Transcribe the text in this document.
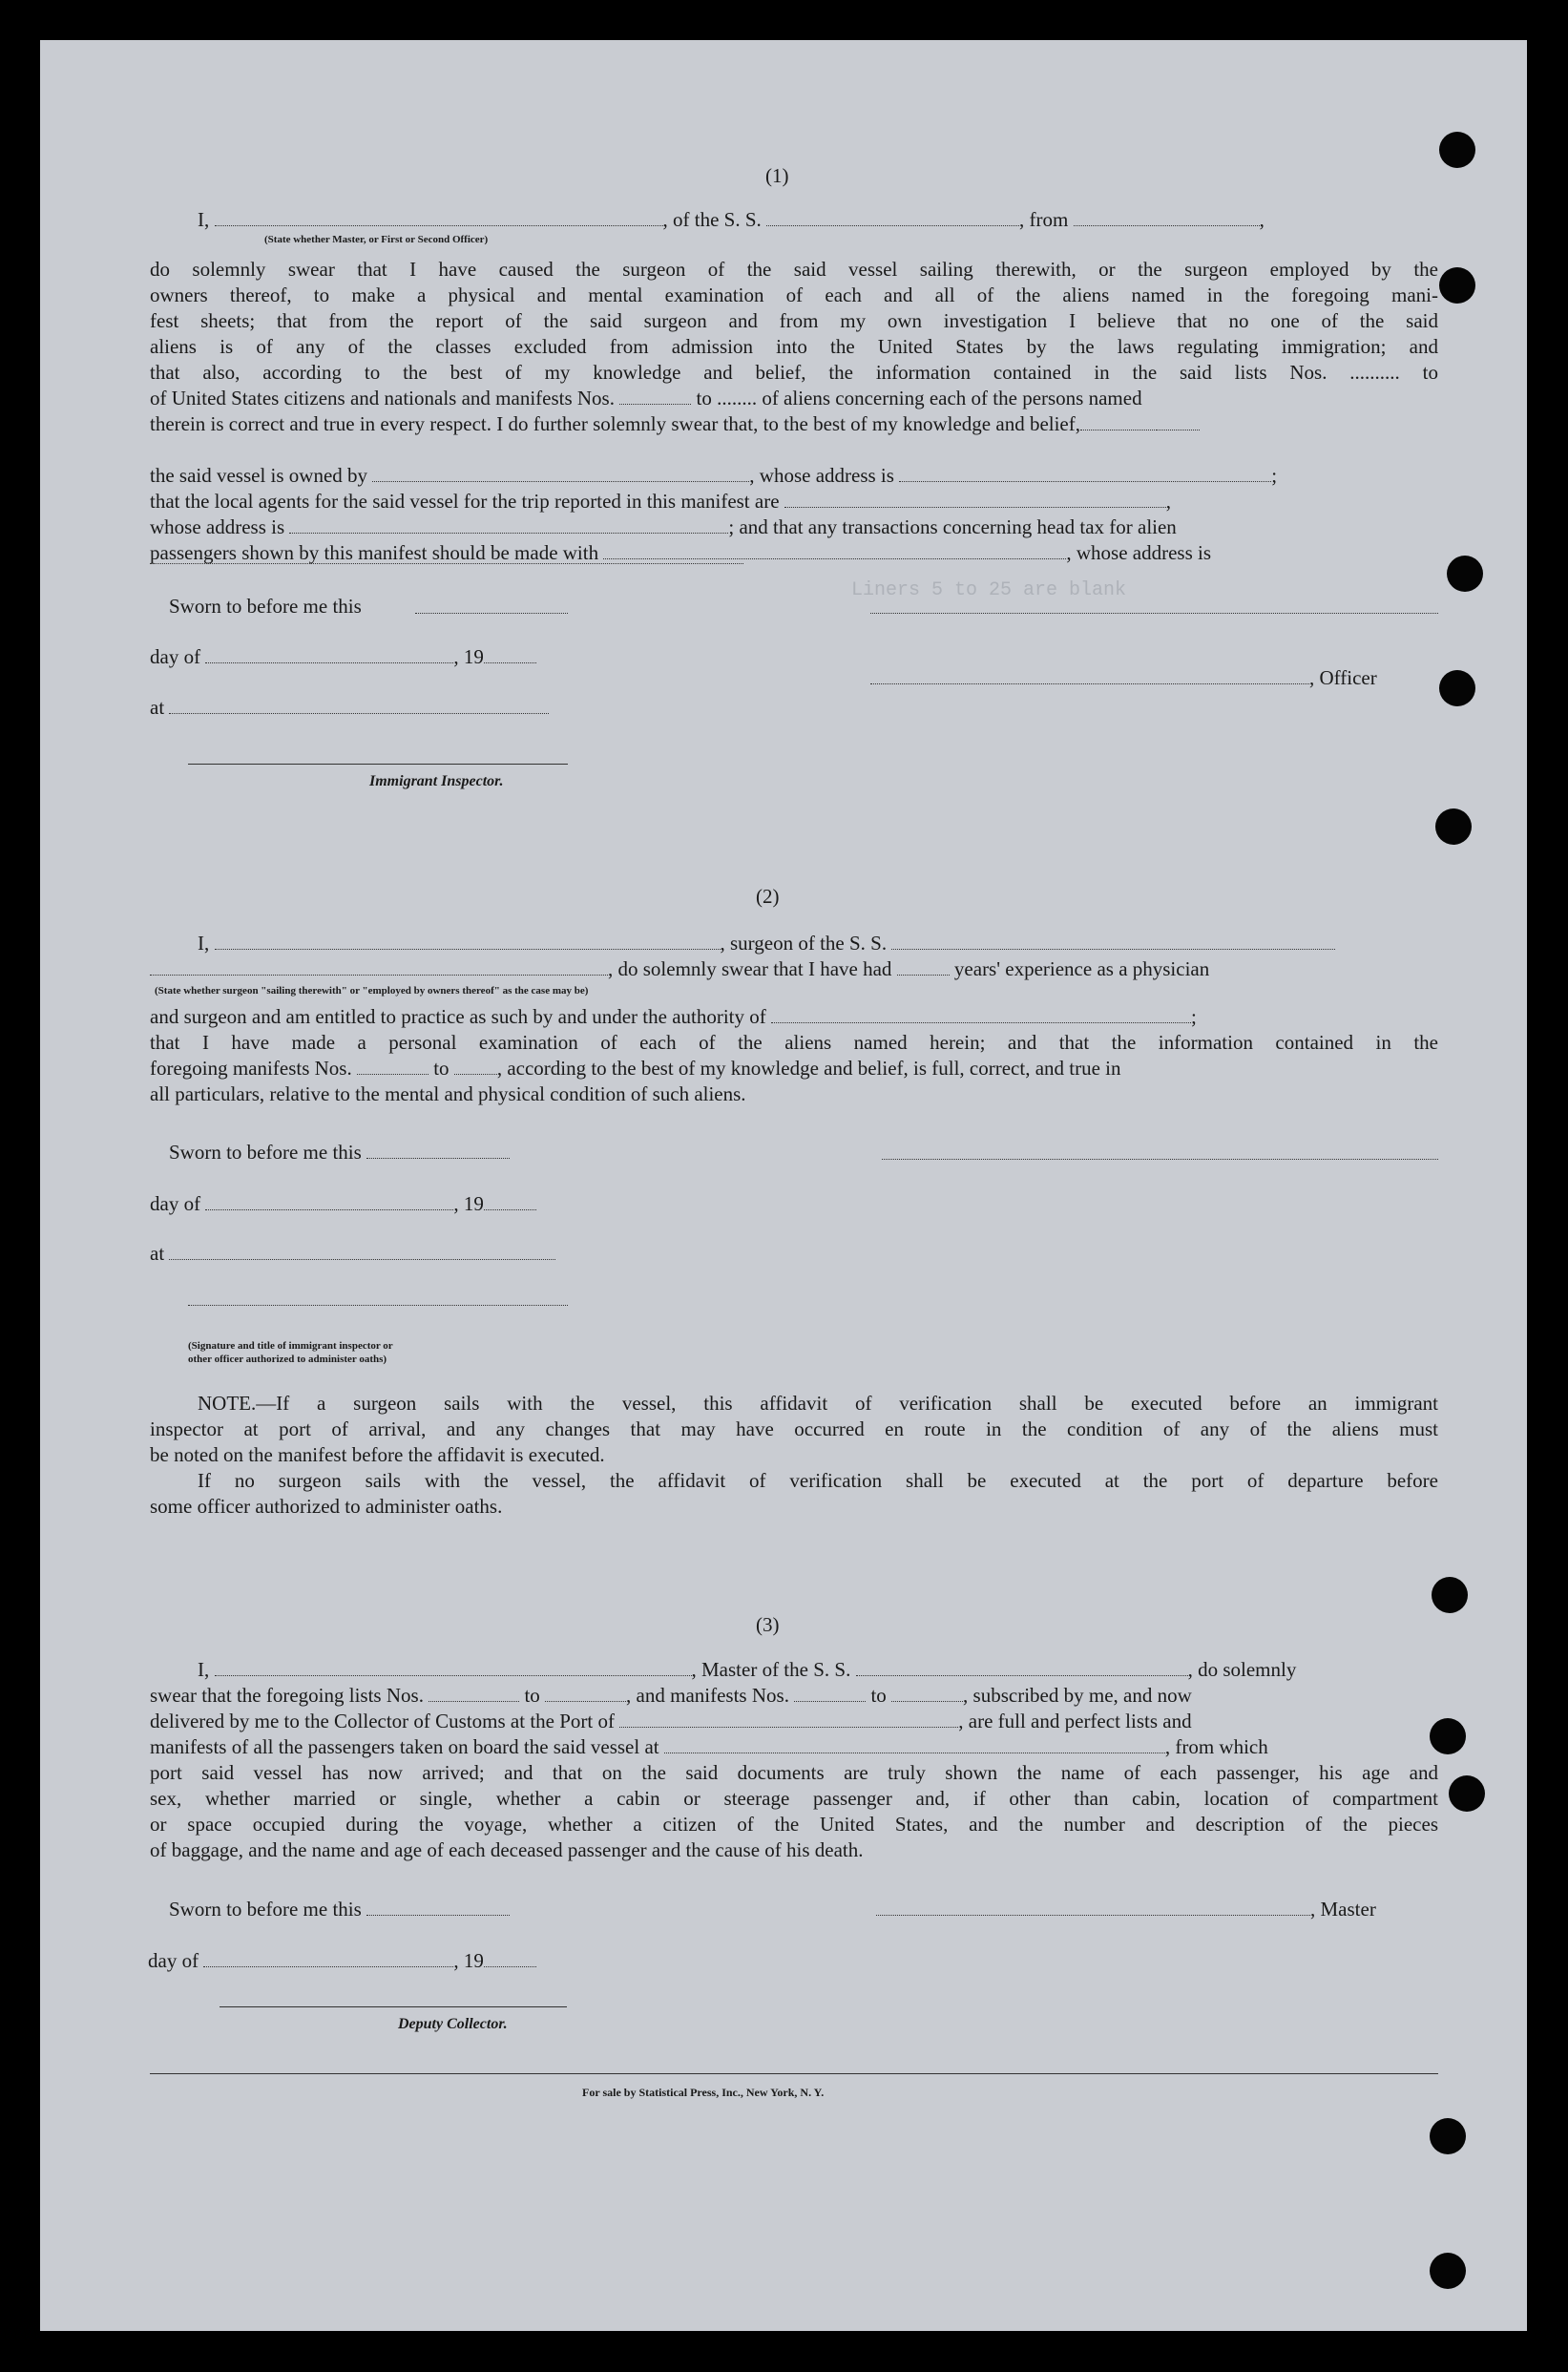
(1)
I,	, of the S. S.	, from	,
(State whether Master, or First or Second Officer)
do solemnly swear that I have caused the surgeon of the said vessel sailing therewith, or the surgeon employed by the
owners thereof, to make a physical and mental examination of each and all of the aliens named in the foregoing mani-
fest sheets; that from the report of the said surgeon and from my own investigation I believe that no one of the said
aliens is of any of the classes excluded from admission into the United States by the laws regulating immigration; and
that also, according to the best of my knowledge and belief, the information contained in the said lists Nos. .......... to
of United States citizens and nationals and manifests Nos.	to ........ of aliens concerning each of the persons named
therein is correct and true in every respect. I do further solemnly swear that, to the best of my knowledge and belief,
the said vessel is owned by	, whose address is	;
that the local agents for the said vessel for the trip reported in this manifest are	,
whose address is	; and that any transactions concerning head tax for alien
passengers shown by this manifest should be made with	, whose address is
Sworn to before me this
day of	, 19
, Officer
at
Immigrant Inspector.
(2)
I,	, surgeon of the S. S.
, do solemnly swear that I have had	years' experience as a physician
(State whether surgeon "sailing therewith" or "employed by owners thereof" as the case may be)
and surgeon and am entitled to practice as such by and under the authority of	;
that I have made a personal examination of each of the aliens named herein; and that the information contained in the
foregoing manifests Nos.	to , according to the best of my knowledge and belief, is full, correct, and true in
all particulars, relative to the mental and physical condition of such aliens.
Sworn to before me this
day of	, 19
at
(Signature and title of immigrant inspector or
other officer authorized to administer oaths)
NOTE.—If a surgeon sails with the vessel, this affidavit of verification shall be executed before an immigrant
inspector at port of arrival, and any changes that may have occurred en route in the condition of any of the aliens must
be noted on the manifest before the affidavit is executed.
If no surgeon sails with the vessel, the affidavit of verification shall be executed at the port of departure before
some officer authorized to administer oaths.
(3)
I,	, Master of the S. S.	, do solemnly
swear that the foregoing lists Nos.	to	, and manifests Nos.	to	, subscribed by me, and now
delivered by me to the Collector of Customs at the Port of	, are full and perfect lists and
manifests of all the passengers taken on board the said vessel at	, from which
port said vessel has now arrived; and that on the said documents are truly shown the name of each passenger, his age and
sex, whether married or single, whether a cabin or steerage passenger and, if other than cabin, location of compartment
or space occupied during the voyage, whether a citizen of the United States, and the number and description of the pieces
of baggage, and the name and age of each deceased passenger and the cause of his death.
Sworn to before me this	, Master
day of	, 19
Deputy Collector.
For sale by Statistical Press, Inc., New York, N. Y.
Liners 5 to 25 are blank
